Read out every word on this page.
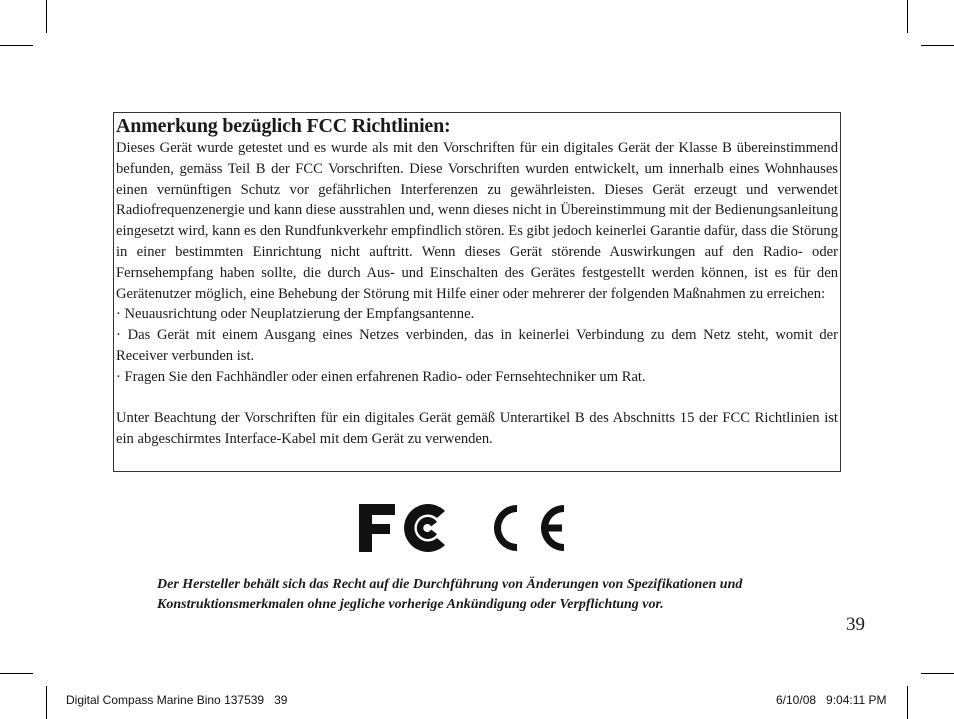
Anmerkung bezüglich FCC Richtlinien:

Dieses Gerät wurde getestet und es wurde als mit den Vorschriften für ein digitales Gerät der Klasse B übereinstimmend befunden, gemäss Teil B der FCC Vorschriften. Diese Vorschriften wurden entwickelt, um innerhalb eines Wohnhauses einen vernünftigen Schutz vor gefährlichen Interferenzen zu gewährleisten. Dieses Gerät erzeugt und verwendet Radiofrequenzenergie und kann diese ausstrahlen und, wenn dieses nicht in Übereinstimmung mit der Bedienungsanleitung eingesetzt wird, kann es den Rundfunkverkehr empfindlich stören. Es gibt jedoch keinerlei Garantie dafür, dass die Störung in einer bestimmten Einrichtung nicht auftritt. Wenn dieses Gerät störende Auswirkungen auf den Radio- oder Fernsehempfang haben sollte, die durch Aus- und Einschalten des Gerätes festgestellt werden können, ist es für den Gerätenutzer möglich, eine Behebung der Störung mit Hilfe einer oder mehrerer der folgenden Maßnahmen zu erreichen:

· Neuausrichtung oder Neuplatzierung der Empfangsantenne.

· Das Gerät mit einem Ausgang eines Netzes verbinden, das in keinerlei Verbindung zu dem Netz steht, womit der Receiver verbunden ist.

· Fragen Sie den Fachhändler oder einen erfahrenen Radio- oder Fernsehtechniker um Rat.

Unter Beachtung der Vorschriften für ein digitales Gerät gemäß Unterartikel B des Abschnitts 15 der FCC Richtlinien ist ein abgeschirmtes Interface-Kabel mit dem Gerät zu verwenden.

Der Hersteller behält sich das Recht auf die Durchführung von Änderungen von Spezifikationen und Konstruktionsmerkmalen ohne jegliche vorherige Ankündigung oder Verpflichtung vor.

39
Digital Compass Marine Bino 137539   39	6/10/08   9:04:11 PM
